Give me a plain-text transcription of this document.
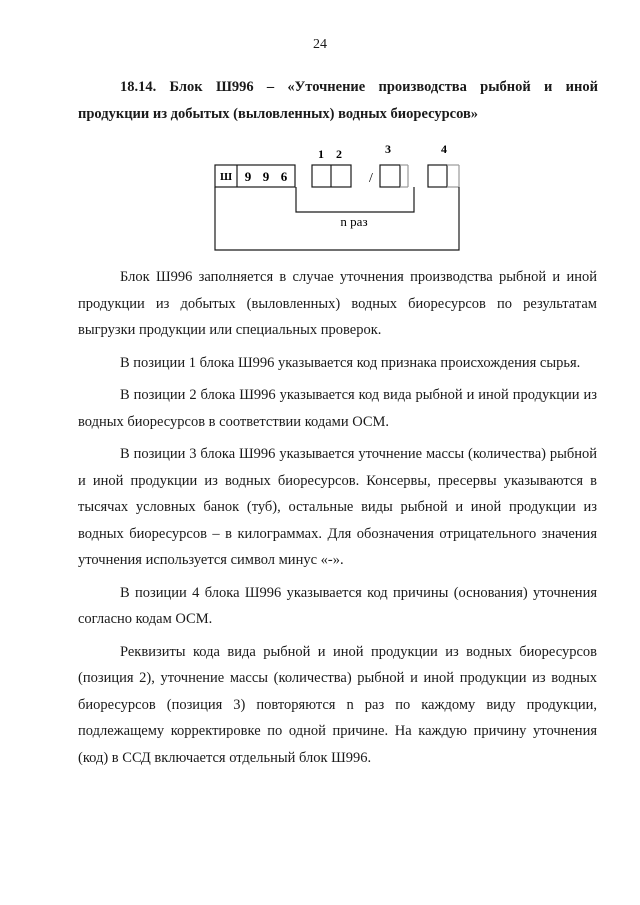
24
18.14. Блок Ш996 – «Уточнение производства рыбной и иной
продукции из добытых (выловленных) водных биоресурсов»
1 2	3	4
Ш 9 9 6	/
n раз

Блок Ш996 заполняется в случае уточнения производства рыбной и иной продукции из добытых (выловленных) водных биоресурсов по результатам выгрузки продукции или специальных проверок.

В позиции 1 блока Ш996 указывается код признака происхождения сырья.

В позиции 2 блока Ш996 указывается код вида рыбной и иной продукции из водных биоресурсов в соответствии кодами ОСМ.

В позиции 3 блока Ш996 указывается уточнение массы (количества) рыбной и иной продукции из водных биоресурсов. Консервы, пресервы указываются в тысячах условных банок (туб), остальные виды рыбной и иной продукции из водных биоресурсов – в килограммах. Для обозначения отрицательного значения уточнения используется символ минус «-».

В позиции 4 блока Ш996 указывается код причины (основания) уточнения согласно кодам ОСМ.

Реквизиты кода вида рыбной и иной продукции из водных биоресурсов (позиция 2), уточнение массы (количества) рыбной и иной продукции из водных биоресурсов (позиция 3) повторяются n раз по каждому виду продукции, подлежащему корректировке по одной причине. На каждую причину уточнения (код) в ССД включается отдельный блок Ш996.
